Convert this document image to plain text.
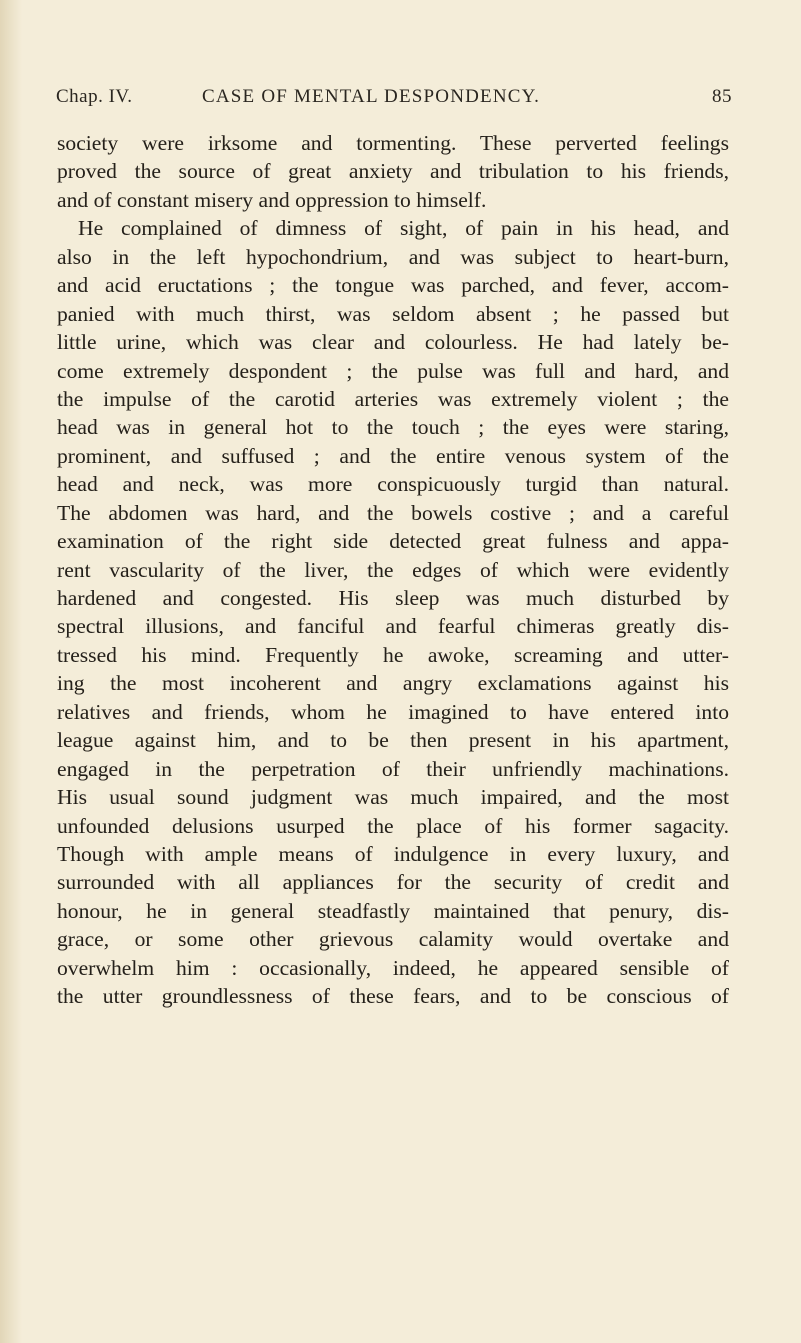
Chap. IV.	CASE OF MENTAL DESPONDENCY.	85
society were irksome and tormenting. These perverted feelings
proved the source of great anxiety and tribulation to his friends,
and of constant misery and oppression to himself.
He complained of dimness of sight, of pain in his head, and
also in the left hypochondrium, and was subject to heart-burn,
and acid eructations ; the tongue was parched, and fever, accom-
panied with much thirst, was seldom absent ; he passed but
little urine, which was clear and colourless. He had lately be-
come extremely despondent ; the pulse was full and hard, and
the impulse of the carotid arteries was extremely violent ; the
head was in general hot to the touch ; the eyes were staring,
prominent, and suffused ; and the entire venous system of the
head and neck, was more conspicuously turgid than natural.
The abdomen was hard, and the bowels costive ; and a careful
examination of the right side detected great fulness and appa-
rent vascularity of the liver, the edges of which were evidently
hardened and congested. His sleep was much disturbed by
spectral illusions, and fanciful and fearful chimeras greatly dis-
tressed his mind. Frequently he awoke, screaming and utter-
ing the most incoherent and angry exclamations against his
relatives and friends, whom he imagined to have entered into
league against him, and to be then present in his apartment,
engaged in the perpetration of their unfriendly machinations.
His usual sound judgment was much impaired, and the most
unfounded delusions usurped the place of his former sagacity.
Though with ample means of indulgence in every luxury, and
surrounded with all appliances for the security of credit and
honour, he in general steadfastly maintained that penury, dis-
grace, or some other grievous calamity would overtake and
overwhelm him : occasionally, indeed, he appeared sensible of
the utter groundlessness of these fears, and to be conscious of
